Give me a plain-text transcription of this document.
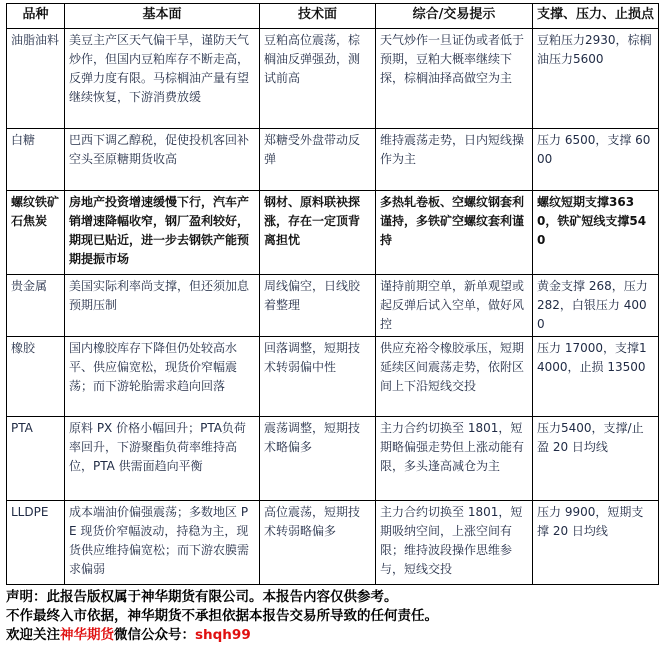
品种	基本面	技术面	综合/交易提示	支撑、压力、止损点
油脂油料	美豆主产区天气偏干旱，谨防天气炒作，但国内豆粕库存不断走高，反弹力度有限。马棕榈油产量有望继续恢复，下游消费放缓	豆粕高位震荡，棕榈油反弹强劲，测试前高	天气炒作一旦证伪或者低于预期，豆粕大概率继续下探，棕榈油择高做空为主	豆粕压力2930，棕榈油压力5600
白糖	巴西下调乙醇税，促使投机客回补空头至原糖期货收高	郑糖受外盘带动反弹	维持震荡走势，日内短线操作为主	压力 6500，支撑 6000
螺纹铁矿石焦炭	房地产投资增速缓慢下行，汽车产销增速降幅收窄，钢厂盈利较好，期现已贴近，进一步去钢铁产能预期提振市场	钢材、原料联袂探涨，存在一定顶背离担忧	多热轧卷板、空螺纹钢套利谨持，多铁矿空螺纹套利谨持	螺纹短期支撑3630，铁矿短线支撑540
贵金属	美国实际利率尚支撑，但还须加息预期压制	周线偏空，日线胶着整理	谨持前期空单，新单观望或起反弹后试入空单，做好风控	黄金支撑 268，压力282，白银压力 4000
橡胶	国内橡胶库存下降但仍处较高水平、供应偏宽松，现货价窄幅震荡；而下游轮胎需求趋向回落	回落调整，短期技术转弱偏中性	供应充裕令橡胶承压，短期延续区间震荡走势，依附区间上下沿短线交投	压力 17000，支撑14000，止损 13500
PTA	原料 PX 价格小幅回升；PTA负荷率回升，下游聚酯负荷率维持高位，PTA 供需面趋向平衡	震荡调整，短期技术略偏多	主力合约切换至 1801，短期略偏强走势但上涨动能有限，多头逢高减仓为主	压力5400，支撑/止盈 20 日均线
LLDPE	成本端油价偏强震荡；多数地区 PE 现货价窄幅波动，持稳为主，现货供应维持偏宽松；而下游农膜需求偏弱	高位震荡，短期技术转弱略偏多	主力合约切换至 1801，短期吸纳空间，上涨空间有限；维持波段操作思维参与，短线交投	压力 9900，短期支撑 20 日均线
声明：此报告版权属于神华期货有限公司。本报告内容仅供参考。
不作最终入市依据，神华期货不承担依据本报告交易所导致的任何责任。
欢迎关注神华期货微信公众号：shqh99
